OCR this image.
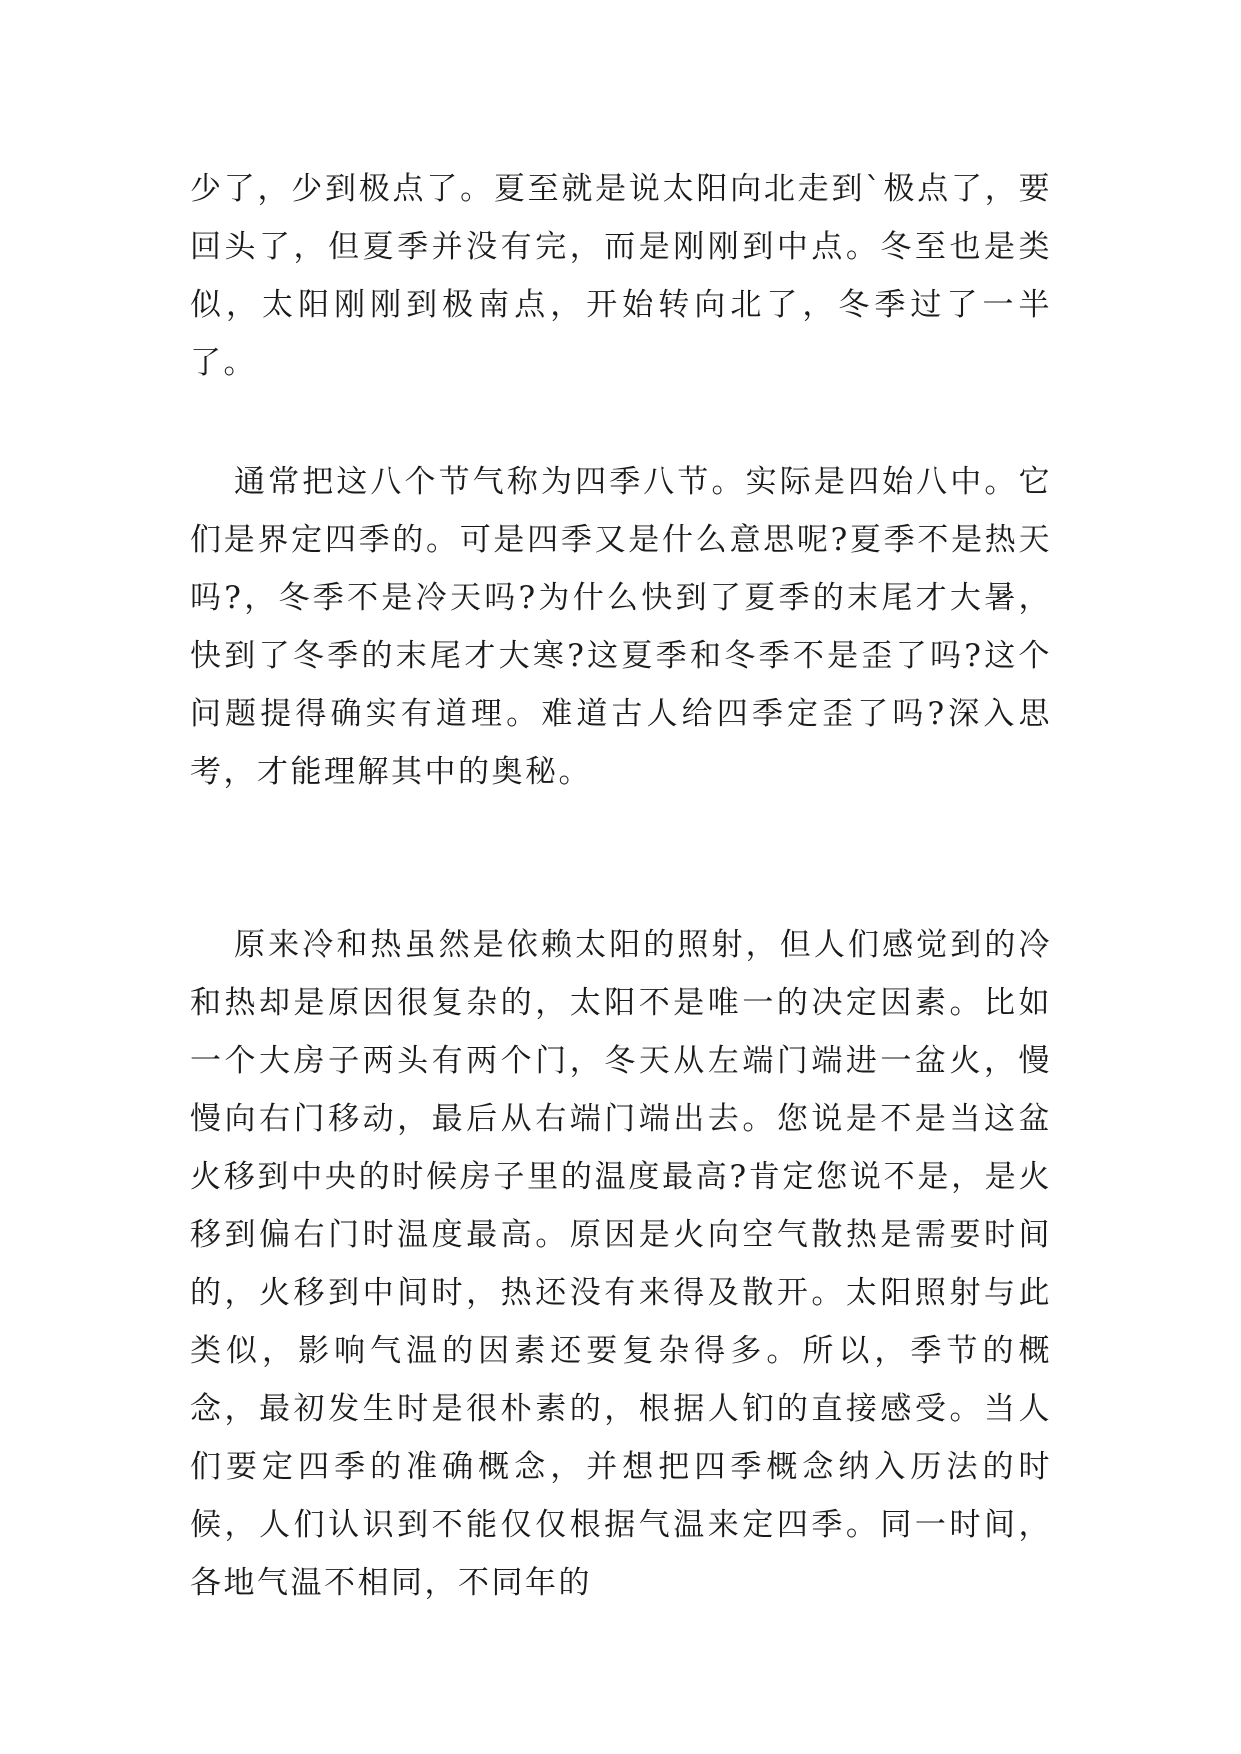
少了，少到极点了。夏至就是说太阳向北走到`极点了，要回头了，但夏季并没有完，而是刚刚到中点。冬至也是类似，太阳刚刚到极南点，开始转向北了，冬季过了一半了。

通常把这八个节气称为四季八节。实际是四始八中。它们是界定四季的。可是四季又是什么意思呢?夏季不是热天吗?，冬季不是冷天吗?为什么快到了夏季的末尾才大暑，快到了冬季的末尾才大寒?这夏季和冬季不是歪了吗?这个问题提得确实有道理。难道古人给四季定歪了吗?深入思考，才能理解其中的奥秘。

原来冷和热虽然是依赖太阳的照射，但人们感觉到的冷和热却是原因很复杂的，太阳不是唯一的决定因素。比如一个大房子两头有两个门，冬天从左端门端进一盆火，慢慢向右门移动，最后从右端门端出去。您说是不是当这盆火移到中央的时候房子里的温度最高?肯定您说不是，是火移到偏右门时温度最高。原因是火向空气散热是需要时间的，火移到中间时，热还没有来得及散开。太阳照射与此类似，影响气温的因素还要复杂得多。所以，季节的概念，最初发生时是很朴素的，根据人钔的直接感受。当人们要定四季的准确概念，并想把四季概念纳入历法的时候，人们认识到不能仅仅根据气温来定四季。同一时间，各地气温不相同，不同年的
